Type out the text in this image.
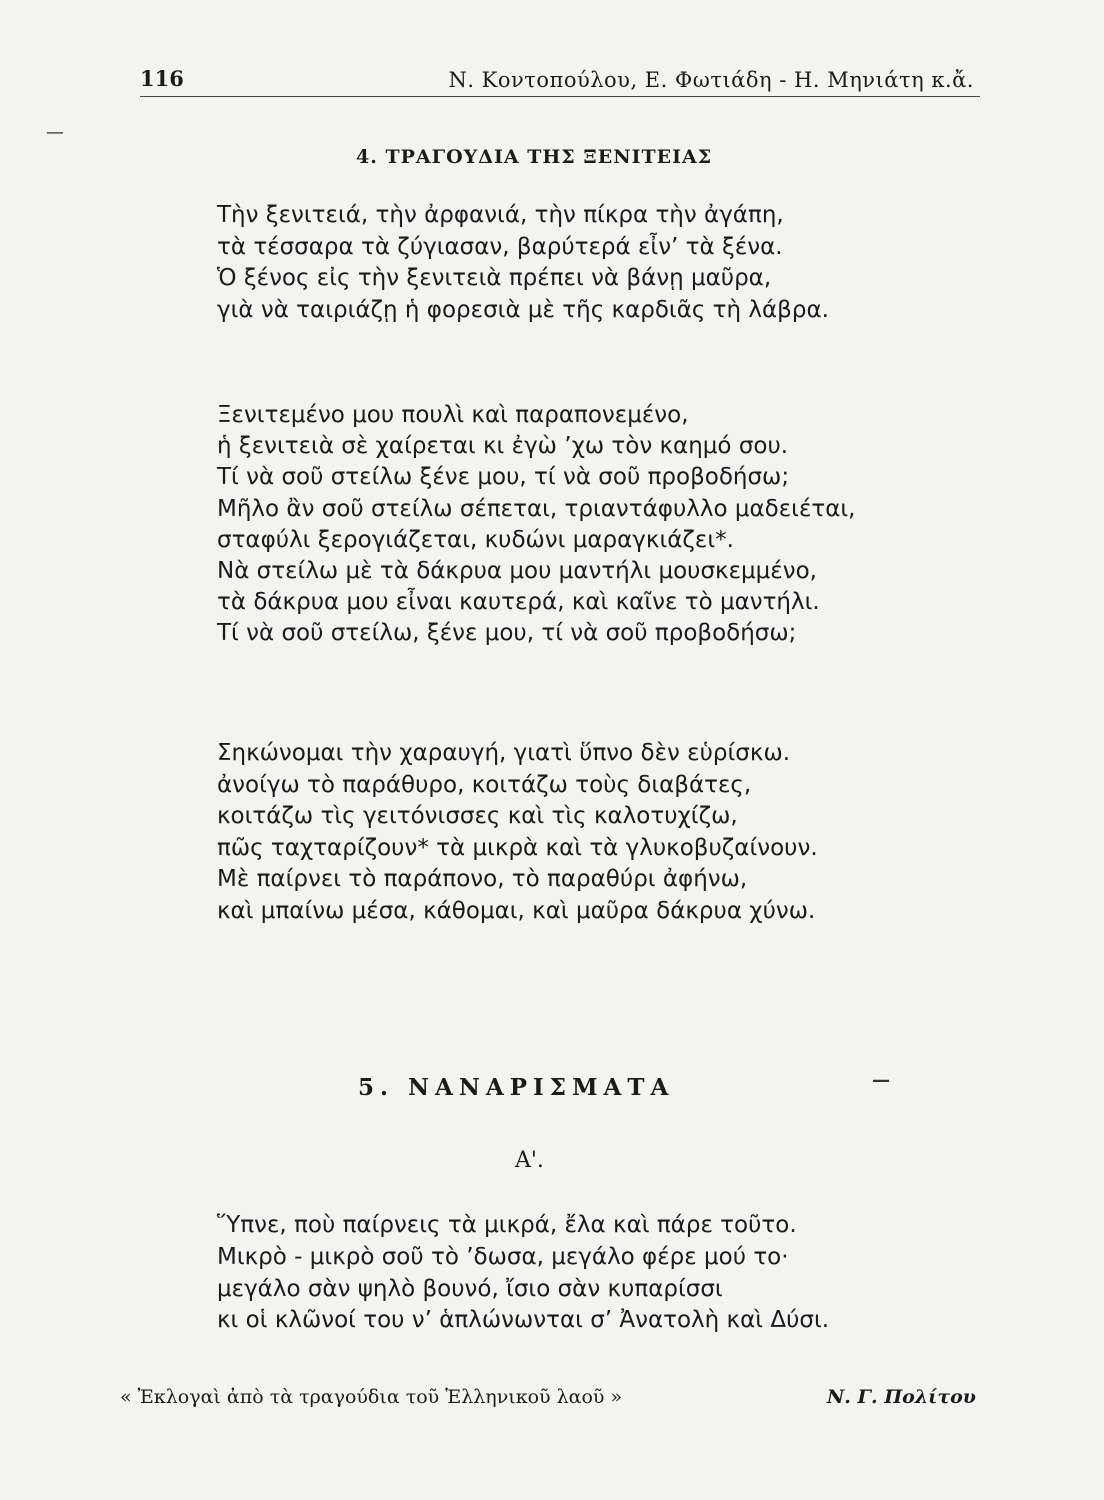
116	Ν. Κοντοπούλου, Ε. Φωτιάδη - Η. Μηνιάτη κ.ἄ.
—
4. ΤΡΑΓΟΥΔΙΑ ΤΗΣ ΞΕΝΙΤΕΙΑΣ
Τὴν ξενιτειά, τὴν ἀρφανιά, τὴν πίκρα τὴν ἀγάπη,
τὰ τέσσαρα τὰ ζύγιασαν, βαρύτερά εἶν’ τὰ ξένα.
Ὁ ξένος εἰς τὴν ξενιτειὰ πρέπει νὰ βάνῃ μαῦρα,
γιὰ νὰ ταιριάζῃ ἡ φορεσιὰ μὲ τῆς καρδιᾶς τὴ λάβρα.
Ξενιτεμένο μου πουλὶ καὶ παραπονεμένο,
ἡ ξενιτειὰ σὲ χαίρεται κι ἐγὼ ’χω τὸν καημό σου.
Τί νὰ σοῦ στείλω ξένε μου, τί νὰ σοῦ προβοδήσω;
Μῆλο ἂν σοῦ στείλω σέπεται, τριαντάφυλλο μαδειέται,
σταφύλι ξερογιάζεται, κυδώνι μαραγκιάζει*.
Νὰ στείλω μὲ τὰ δάκρυα μου μαντήλι μουσκεμμένο,
τὰ δάκρυα μου εἶναι καυτερά, καὶ καῖνε τὸ μαντήλι.
Τί νὰ σοῦ στείλω, ξένε μου, τί νὰ σοῦ προβοδήσω;
Σηκώνομαι τὴν χαραυγή, γιατὶ ὕπνο δὲν εὑρίσκω.
ἀνοίγω τὸ παράθυρο, κοιτάζω τοὺς διαβάτες,
κοιτάζω τὶς γειτόνισσες καὶ τὶς καλοτυχίζω,
πῶς ταχταρίζουν* τὰ μικρὰ καὶ τὰ γλυκοβυζαίνουν.
Μὲ παίρνει τὸ παράπονο, τὸ παραθύρι ἀφήνω,
καὶ μπαίνω μέσα, κάθομαι, καὶ μαῦρα δάκρυα χύνω.
5. ΝΑΝΑΡΙΣΜΑΤΑ	—
Α'.
Ὕπνε, ποὺ παίρνεις τὰ μικρά, ἔλα καὶ πάρε τοῦτο.
Μικρὸ - μικρὸ σοῦ τὸ ’δωσα, μεγάλο φέρε μού το·
μεγάλο σὰν ψηλὸ βουνό, ἴσιο σὰν κυπαρίσσι
κι οἱ κλῶνοί του ν’ ἁπλώνωνται σ’ Ἀνατολὴ καὶ Δύσι.
« Ἐκλογαὶ ἀπὸ τὰ τραγούδια τοῦ Ἑλληνικοῦ λαοῦ »	Ν. Γ. Πολίτου
